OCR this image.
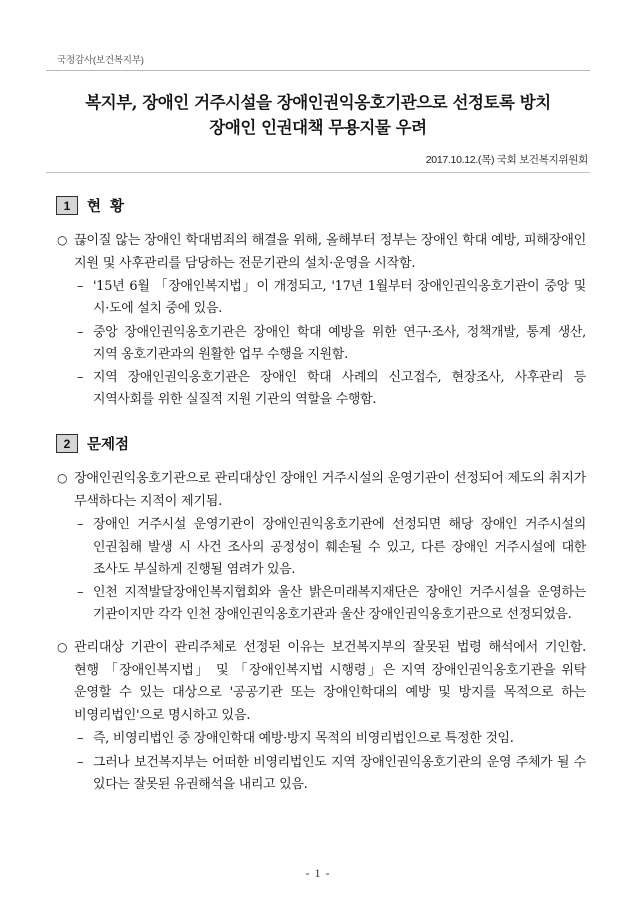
국정감사(보건복지부)
복지부, 장애인 거주시설을 장애인권익옹호기관으로 선정토록 방치
장애인 인권대책 무용지물 우려
2017.10.12.(목) 국회 보건복지위원회
1	현 황
○ 끊이질 않는 장애인 학대범죄의 해결을 위해, 올해부터 정부는 장애인 학대 예방, 피해장애인 지원 및 사후관리를 담당하는 전문기관의 설치·운영을 시작함.
– '15년 6월 「장애인복지법」이 개정되고, '17년 1월부터 장애인권익옹호기관이 중앙 및 시·도에 설치 중에 있음.
– 중앙 장애인권익옹호기관은 장애인 학대 예방을 위한 연구·조사, 정책개발, 통계 생산, 지역 옹호기관과의 원활한 업무 수행을 지원함.
– 지역 장애인권익옹호기관은 장애인 학대 사례의 신고접수, 현장조사, 사후관리 등 지역사회를 위한 실질적 지원 기관의 역할을 수행함.
2	문제점
○ 장애인권익옹호기관으로 관리대상인 장애인 거주시설의 운영기관이 선정되어 제도의 취지가 무색하다는 지적이 제기됨.
– 장애인 거주시설 운영기관이 장애인권익옹호기관에 선정되면 해당 장애인 거주시설의 인권침해 발생 시 사건 조사의 공정성이 훼손될 수 있고, 다른 장애인 거주시설에 대한 조사도 부실하게 진행될 염려가 있음.
– 인천 지적발달장애인복지협회와 울산 밝은미래복지재단은 장애인 거주시설을 운영하는 기관이지만 각각 인천 장애인권익옹호기관과 울산 장애인권익옹호기관으로 선정되었음.
○ 관리대상 기관이 관리주체로 선정된 이유는 보건복지부의 잘못된 법령 해석에서 기인함. 현행 「장애인복지법」 및 「장애인복지법 시행령」은 지역 장애인권익옹호기관을 위탁 운영할 수 있는 대상으로 '공공기관 또는 장애인학대의 예방 및 방지를 목적으로 하는 비영리법인'으로 명시하고 있음.
– 즉, 비영리법인 중 장애인학대 예방·방지 목적의 비영리법인으로 특정한 것임.
– 그러나 보건복지부는 어떠한 비영리법인도 지역 장애인권익옹호기관의 운영 주체가 될 수 있다는 잘못된 유권해석을 내리고 있음.
- 1 -
